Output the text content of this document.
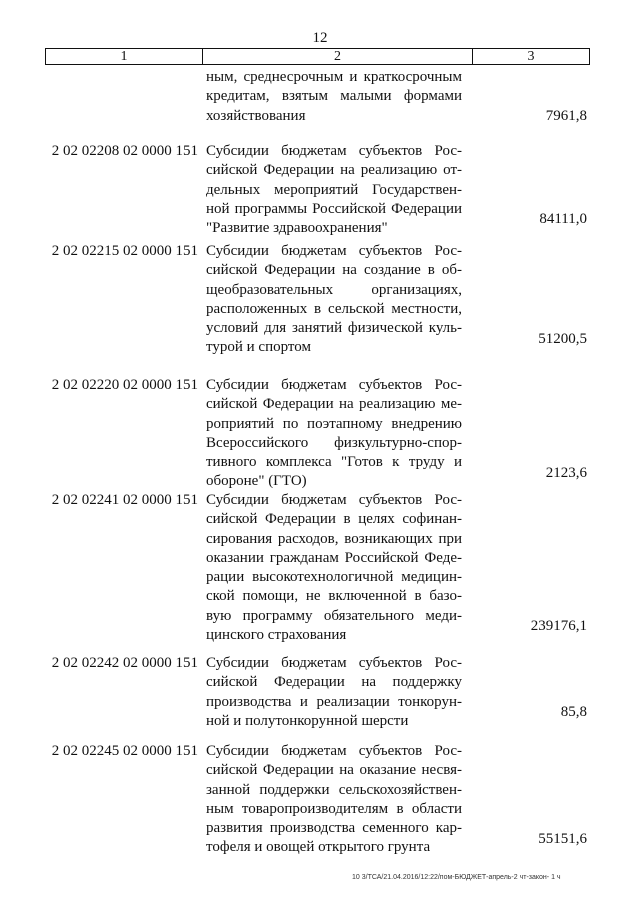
12
1	2	3
ным, среднесрочным и краткосрочным
кредитам, взятым малыми формами
хозяйствования	7961,8
2 02 02208 02 0000 151 Субсидии бюджетам субъектов Рос-
сийской Федерации на реализацию от-
дельных мероприятий Государствен-
ной программы Российской Федерации
"Развитие здравоохранения"
84111,0
2 02 02215 02 0000 151 Субсидии бюджетам субъектов Рос-
сийской Федерации на создание в об-
щеобразовательных организациях,
расположенных в сельской местности,
условий для занятий физической куль-
турой и спортом
51200,5
2 02 02220 02 0000 151 Субсидии бюджетам субъектов Рос-
сийской Федерации на реализацию ме-
роприятий по поэтапному внедрению
Всероссийского физкультурно-спор-
тивного комплекса "Готов к труду и
обороне" (ГТО)
2123,6
2 02 02241 02 0000 151 Субсидии бюджетам субъектов Рос-
сийской Федерации в целях софинан-
сирования расходов, возникающих при
оказании гражданам Российской Феде-
рации высокотехнологичной медицин-
ской помощи, не включенной в базо-
вую программу обязательного меди-
цинского страхования
239176,1
2 02 02242 02 0000 151 Субсидии бюджетам субъектов Рос-
сийской Федерации на поддержку
производства и реализации тонкорун-
ной и полутонкорунной шерсти
85,8
2 02 02245 02 0000 151 Субсидии бюджетам субъектов Рос-
сийской Федерации на оказание несвя-
занной поддержки сельскохозяйствен-
ным товаропроизводителям в области
развития производства семенного кар-
тофеля и овощей открытого грунта
55151,6
10 3/ТСА/21.04.2016/12:22/пом-БЮДЖЕТ-апрель-2 чт-закон- 1 ч
